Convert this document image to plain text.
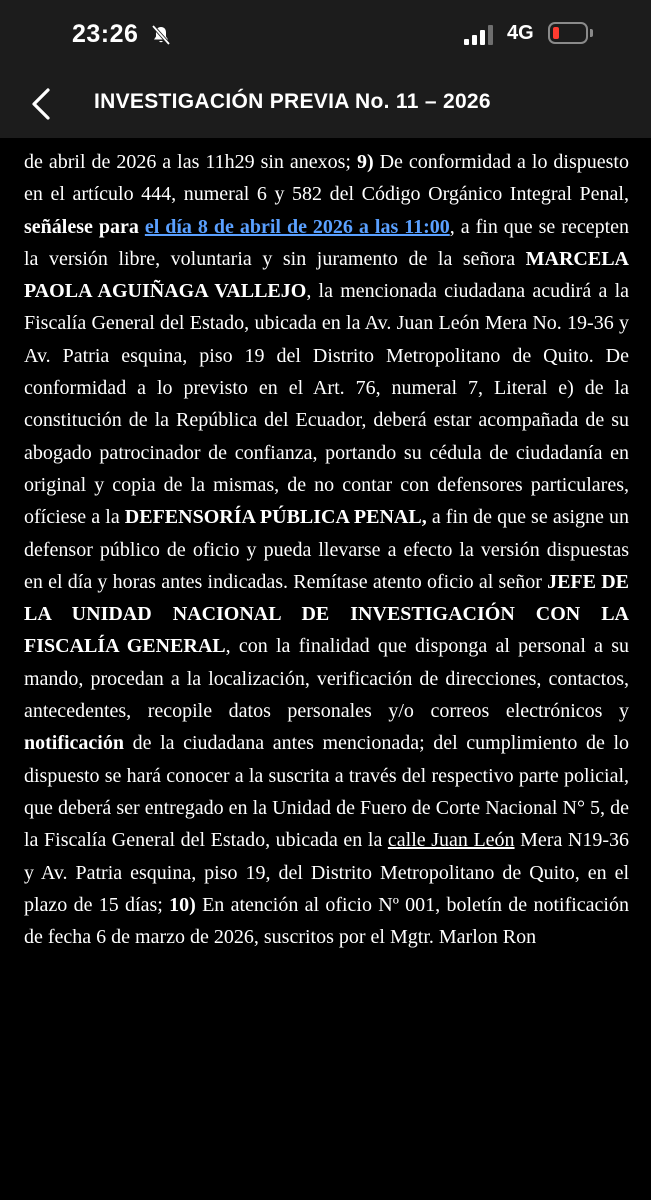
23:26	4G
INVESTIGACIÓN PREVIA No. 11 – 2026

de abril de 2026 a las 11h29 sin anexos; 9) De conformidad a lo dispuesto en el artículo 444, numeral 6 y 582 del Código Orgánico Integral Penal, señálese para el día 8 de abril de 2026 a las 11:00, a fin que se recepten la versión libre, voluntaria y sin juramento de la señora MARCELA PAOLA AGUIÑAGA VALLEJO, la mencionada ciudadana acudirá a la Fiscalía General del Estado, ubicada en la Av. Juan León Mera No. 19-36 y Av. Patria esquina, piso 19 del Distrito Metropolitano de Quito. De conformidad a lo previsto en el Art. 76, numeral 7, Literal e) de la constitución de la República del Ecuador, deberá estar acompañada de su abogado patrocinador de confianza, portando su cédula de ciudadanía en original y copia de la mismas, de no contar con defensores particulares, ofíciese a la DEFENSORÍA PÚBLICA PENAL, a fin de que se asigne un defensor público de oficio y pueda llevarse a efecto la versión dispuestas en el día y horas antes indicadas. Remítase atento oficio al señor JEFE DE LA UNIDAD NACIONAL DE INVESTIGACIÓN CON LA FISCALÍA GENERAL, con la finalidad que disponga al personal a su mando, procedan a la localización, verificación de direcciones, contactos, antecedentes, recopile datos personales y/o correos electrónicos y notificación de la ciudadana antes mencionada; del cumplimiento de lo dispuesto se hará conocer a la suscrita a través del respectivo parte policial, que deberá ser entregado en la Unidad de Fuero de Corte Nacional N° 5, de la Fiscalía General del Estado, ubicada en la calle Juan León Mera N19-36 y Av. Patria esquina, piso 19, del Distrito Metropolitano de Quito, en el plazo de 15 días; 10) En atención al oficio Nº 001, boletín de notificación de fecha 6 de marzo de 2026, suscritos por el Mgtr. Marlon Ron
